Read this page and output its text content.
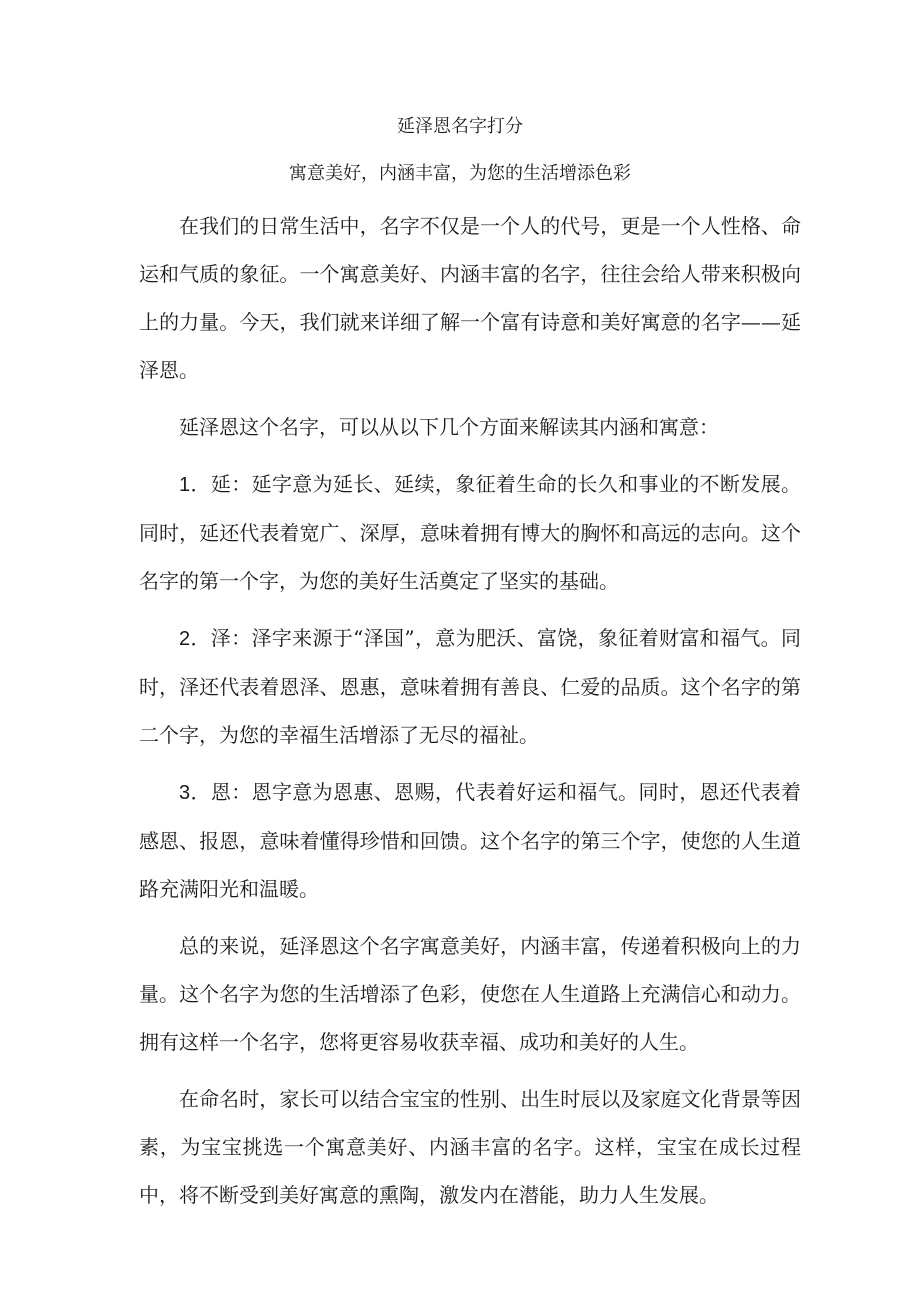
延泽恩名字打分
寓意美好，内涵丰富，为您的生活增添色彩

在我们的日常生活中，名字不仅是一个人的代号，更是一个人性格、命运和气质的象征。一个寓意美好、内涵丰富的名字，往往会给人带来积极向上的力量。今天，我们就来详细了解一个富有诗意和美好寓意的名字——延泽恩。

延泽恩这个名字，可以从以下几个方面来解读其内涵和寓意：

1．延：延字意为延长、延续，象征着生命的长久和事业的不断发展。同时，延还代表着宽广、深厚，意味着拥有博大的胸怀和高远的志向。这个名字的第一个字，为您的美好生活奠定了坚实的基础。

2．泽：泽字来源于“泽国”，意为肥沃、富饶，象征着财富和福气。同时，泽还代表着恩泽、恩惠，意味着拥有善良、仁爱的品质。这个名字的第二个字，为您的幸福生活增添了无尽的福祉。

3．恩：恩字意为恩惠、恩赐，代表着好运和福气。同时，恩还代表着感恩、报恩，意味着懂得珍惜和回馈。这个名字的第三个字，使您的人生道路充满阳光和温暖。

总的来说，延泽恩这个名字寓意美好，内涵丰富，传递着积极向上的力量。这个名字为您的生活增添了色彩，使您在人生道路上充满信心和动力。拥有这样一个名字，您将更容易收获幸福、成功和美好的人生。

在命名时，家长可以结合宝宝的性别、出生时辰以及家庭文化背景等因素，为宝宝挑选一个寓意美好、内涵丰富的名字。这样，宝宝在成长过程中，将不断受到美好寓意的熏陶，激发内在潜能，助力人生发展。
